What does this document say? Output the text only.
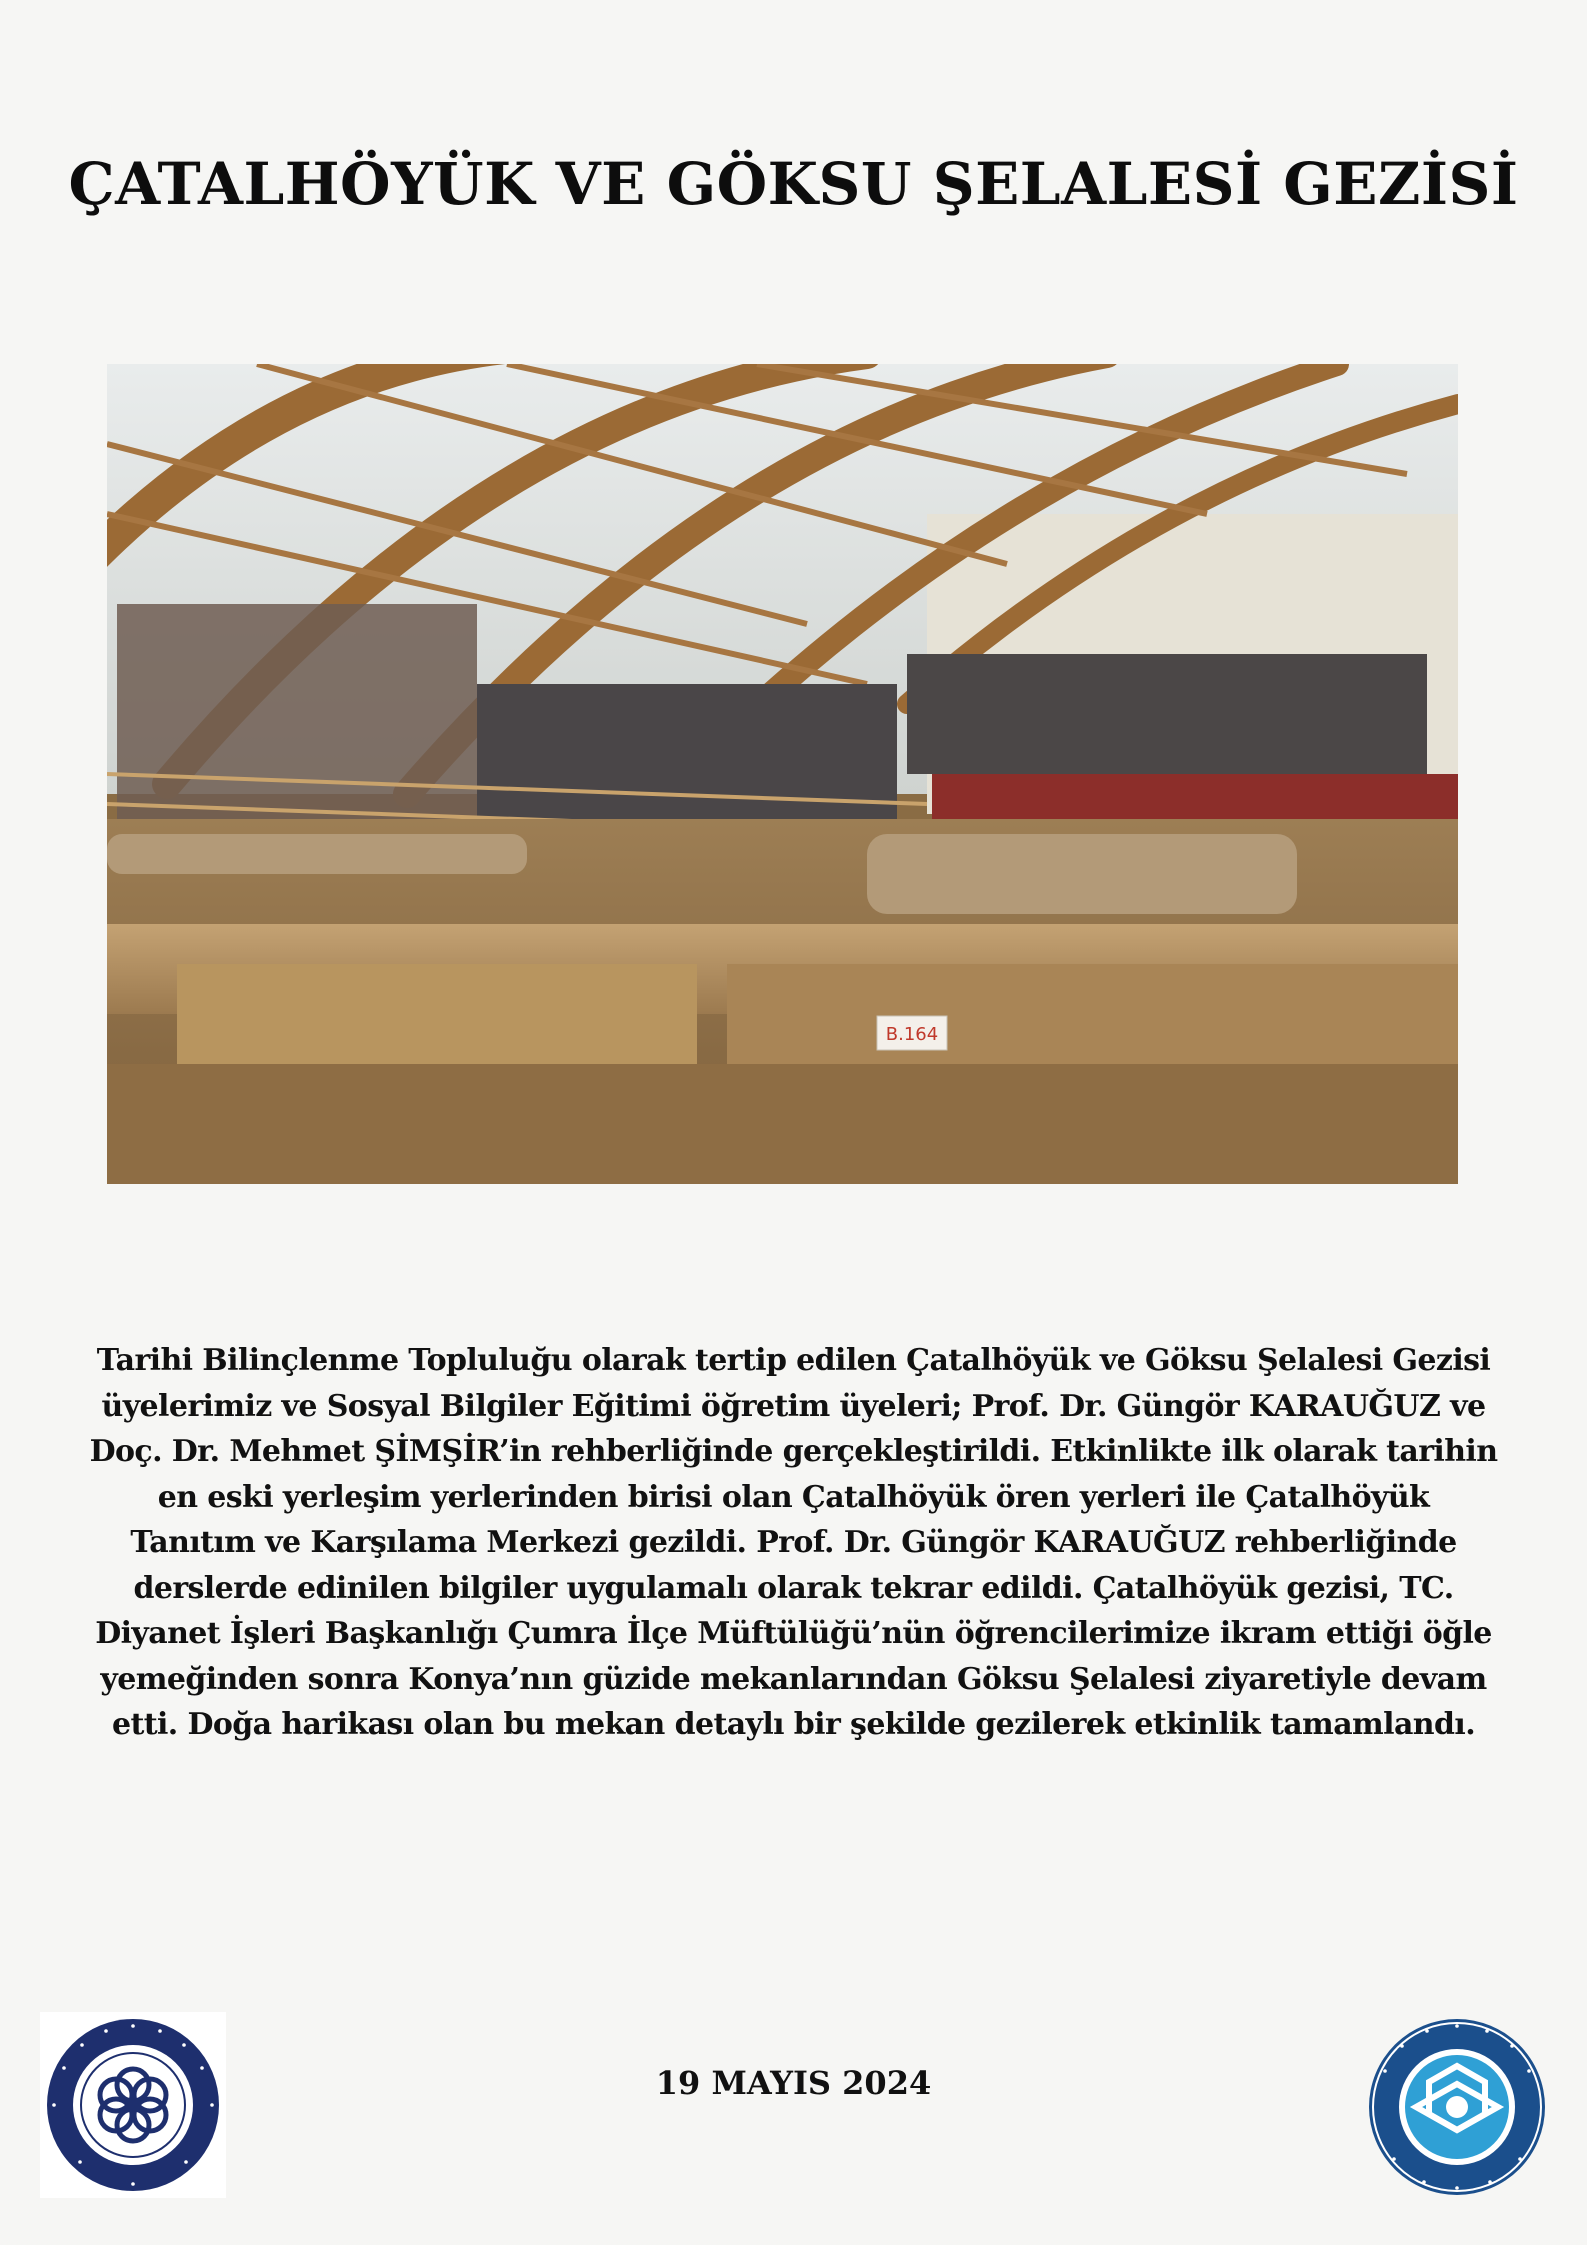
ÇATALHÖYÜK VE GÖKSU ŞELALESİ GEZİSİ
B.164
Tarihi Bilinçlenme Topluluğu olarak tertip edilen Çatalhöyük ve Göksu Şelalesi Gezisi
üyelerimiz ve Sosyal Bilgiler Eğitimi öğretim üyeleri; Prof. Dr. Güngör KARAUĞUZ ve
Doç. Dr. Mehmet ŞİMŞİR’in rehberliğinde gerçekleştirildi. Etkinlikte ilk olarak tarihin
en eski yerleşim yerlerinden birisi olan Çatalhöyük ören yerleri ile Çatalhöyük
Tanıtım ve Karşılama Merkezi gezildi. Prof. Dr. Güngör KARAUĞUZ rehberliğinde
derslerde edinilen bilgiler uygulamalı olarak tekrar edildi. Çatalhöyük gezisi, TC.
Diyanet İşleri Başkanlığı Çumra İlçe Müftülüğü’nün öğrencilerimize ikram ettiği öğle
yemeğinden sonra Konya’nın güzide mekanlarından Göksu Şelalesi ziyaretiyle devam
etti. Doğa harikası olan bu mekan detaylı bir şekilde gezilerek etkinlik tamamlandı.
19 MAYIS 2024
